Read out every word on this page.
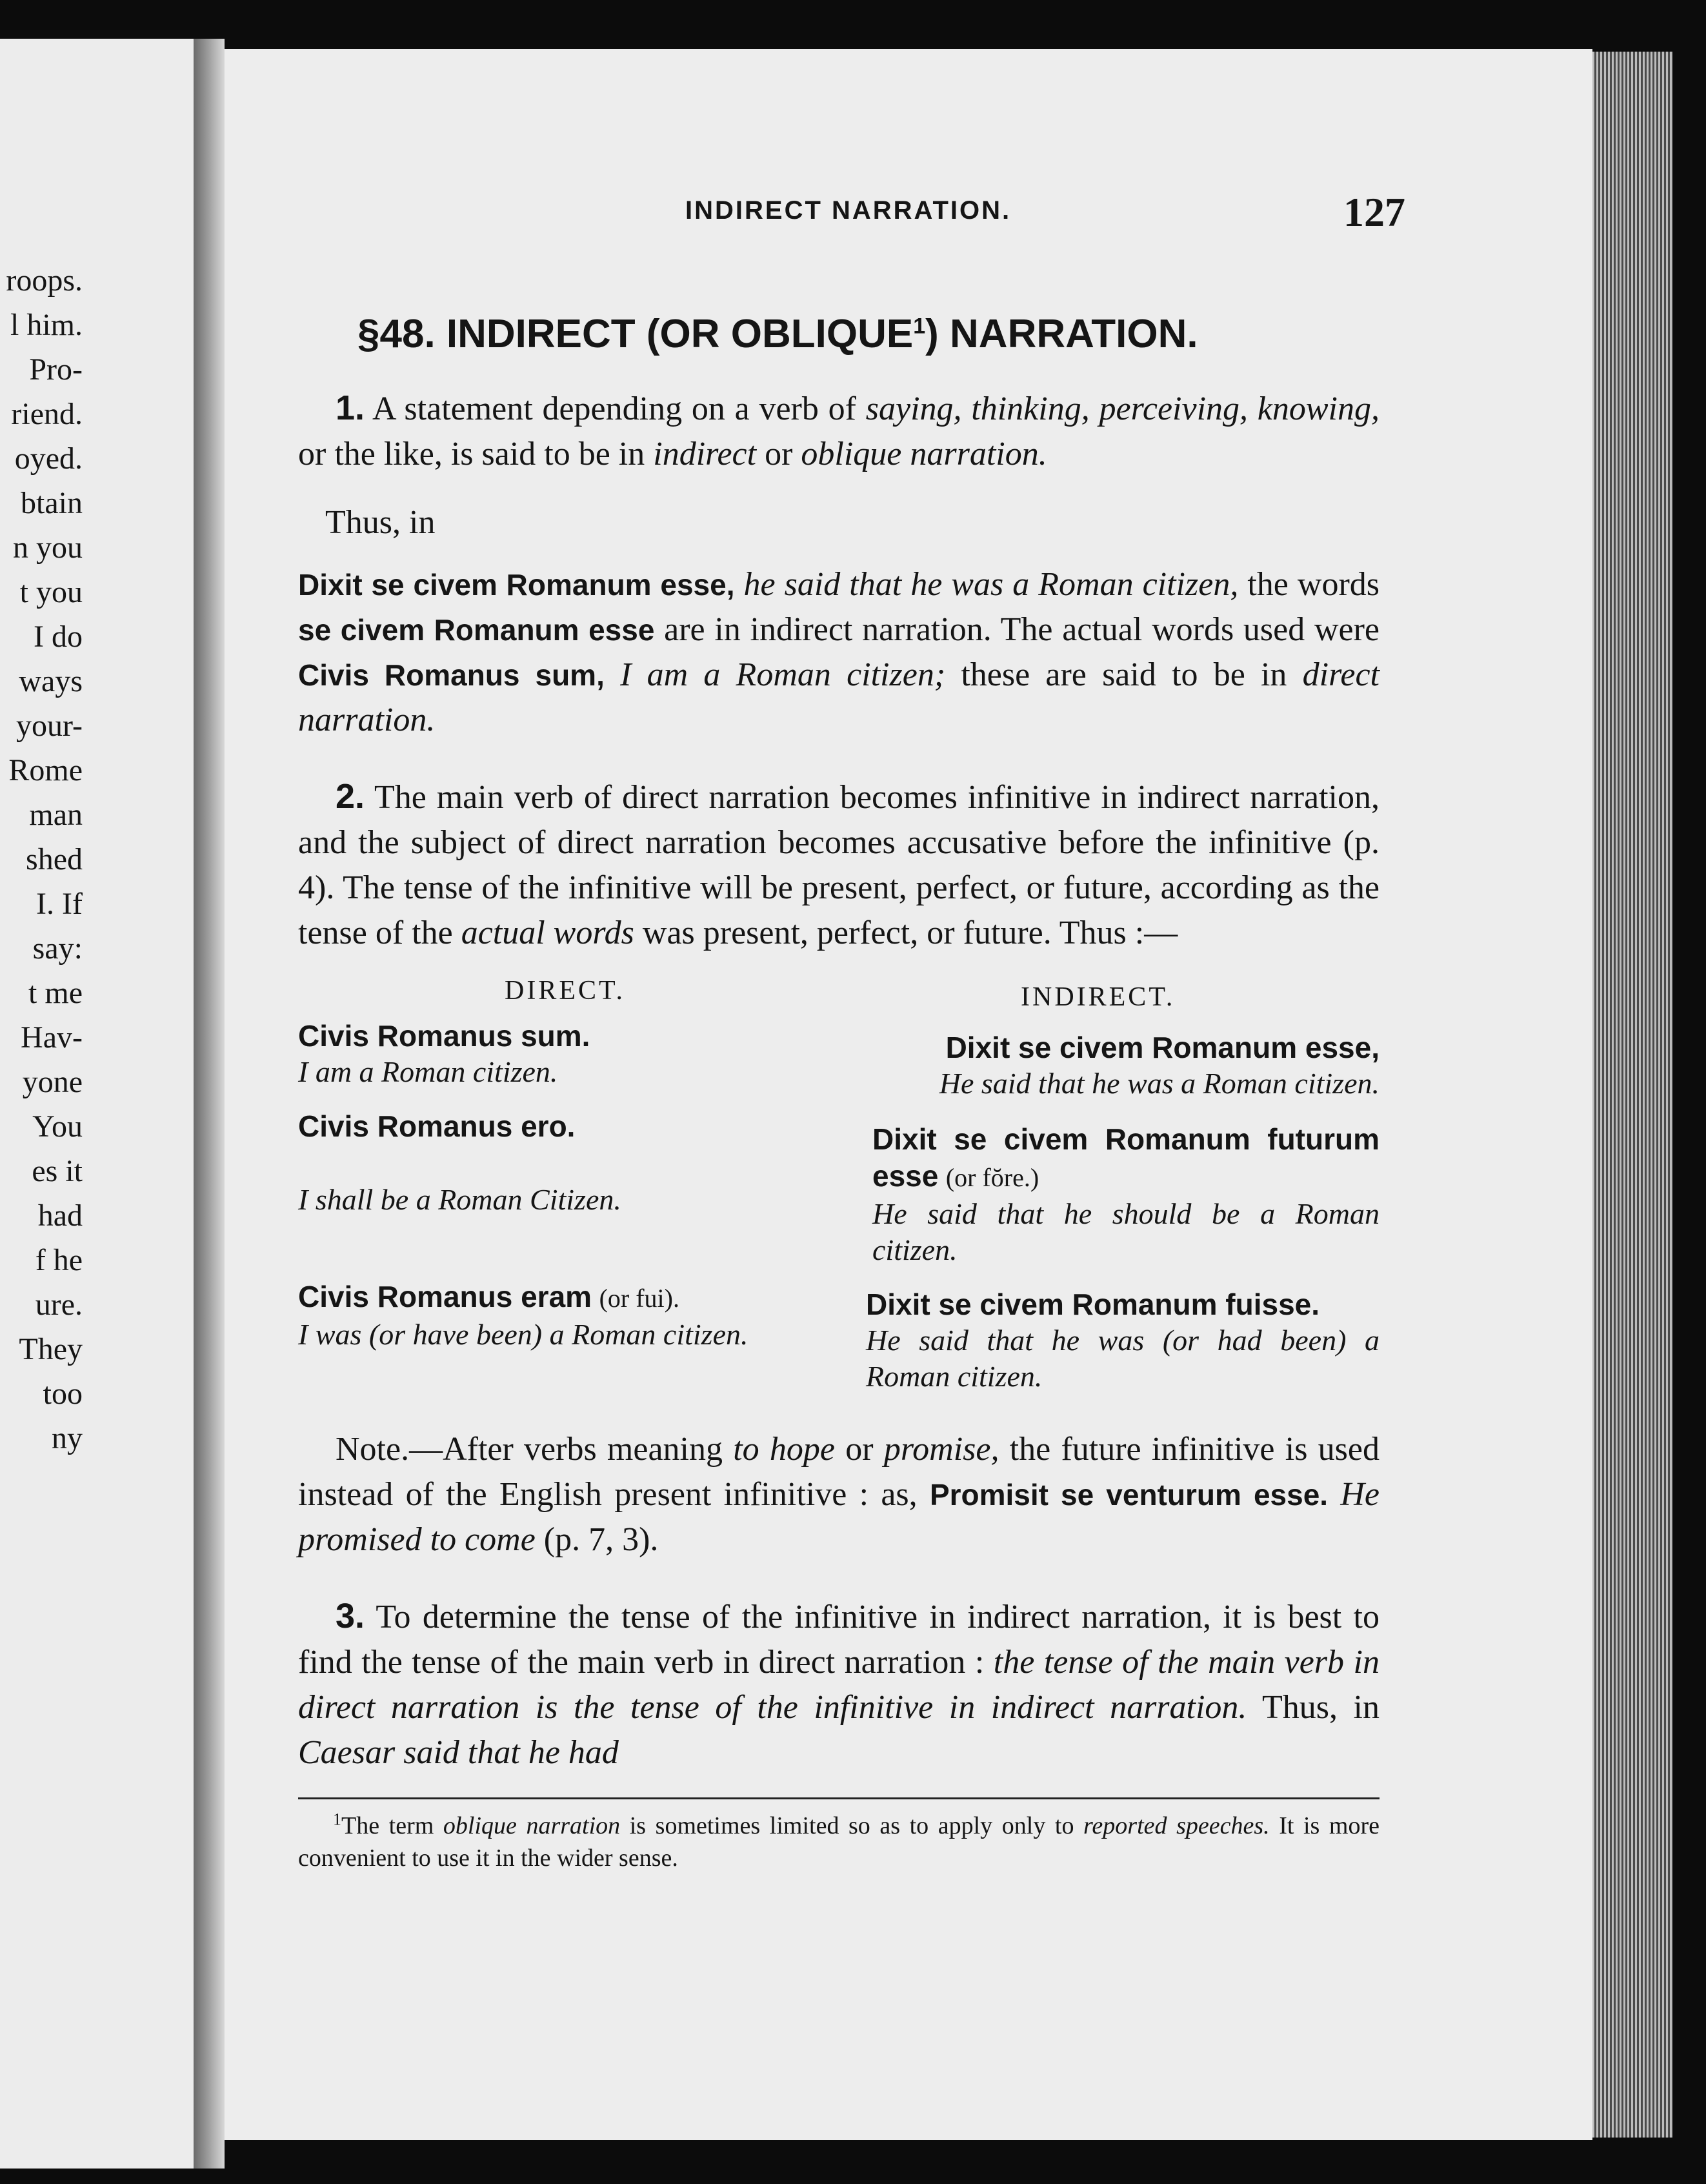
roops.
l him.
Pro-
riend.
oyed.
btain
n you
t you
I do
ways
your-
Rome
man
shed
I. If
say:
t me
Hav-
yone
You
es it
had
f he
ure.
They
too
ny
INDIRECT NARRATION.	127
§48. INDIRECT (OR OBLIQUE$^1$) NARRATION.

1. A statement depending on a verb of saying, thinking, perceiving, knowing, or the like, is said to be in indirect or oblique narration.

Thus, in

Dixit se civem Romanum esse, he said that he was a Roman citizen, the words se civem Romanum esse are in indirect narration. The actual words used were Civis Romanus sum, I am a Roman citizen; these are said to be in direct narration.

2. The main verb of direct narration becomes infinitive in indirect narration, and the subject of direct narration becomes accusative before the infinitive (p. 4). The tense of the infinitive will be present, perfect, or future, according as the tense of the actual words was present, perfect, or future. Thus :—

DIRECT.	INDIRECT.
Civis Romanus sum.
I am a Roman citizen.
Dixit se civem Romanum esse,
He said that he was a Roman citizen.
Civis Romanus ero.
I shall be a Roman Citizen.
Dixit se civem Romanum futurum esse (or fŏre.)
He said that he should be a Roman citizen.
Civis Romanus eram (or fui).
I was (or have been) a Roman citizen.
Dixit se civem Romanum fuisse.
He said that he was (or had been) a Roman citizen.

Note.—After verbs meaning to hope or promise, the future infinitive is used instead of the English present infinitive : as, Promisit se venturum esse. He promised to come (p. 7, 3).

3. To determine the tense of the infinitive in indirect narration, it is best to find the tense of the main verb in direct narration : the tense of the main verb in direct narration is the tense of the infinitive in indirect narration. Thus, in Caesar said that he had

$^1$The term oblique narration is sometimes limited so as to apply only to reported speeches. It is more convenient to use it in the wider sense.
